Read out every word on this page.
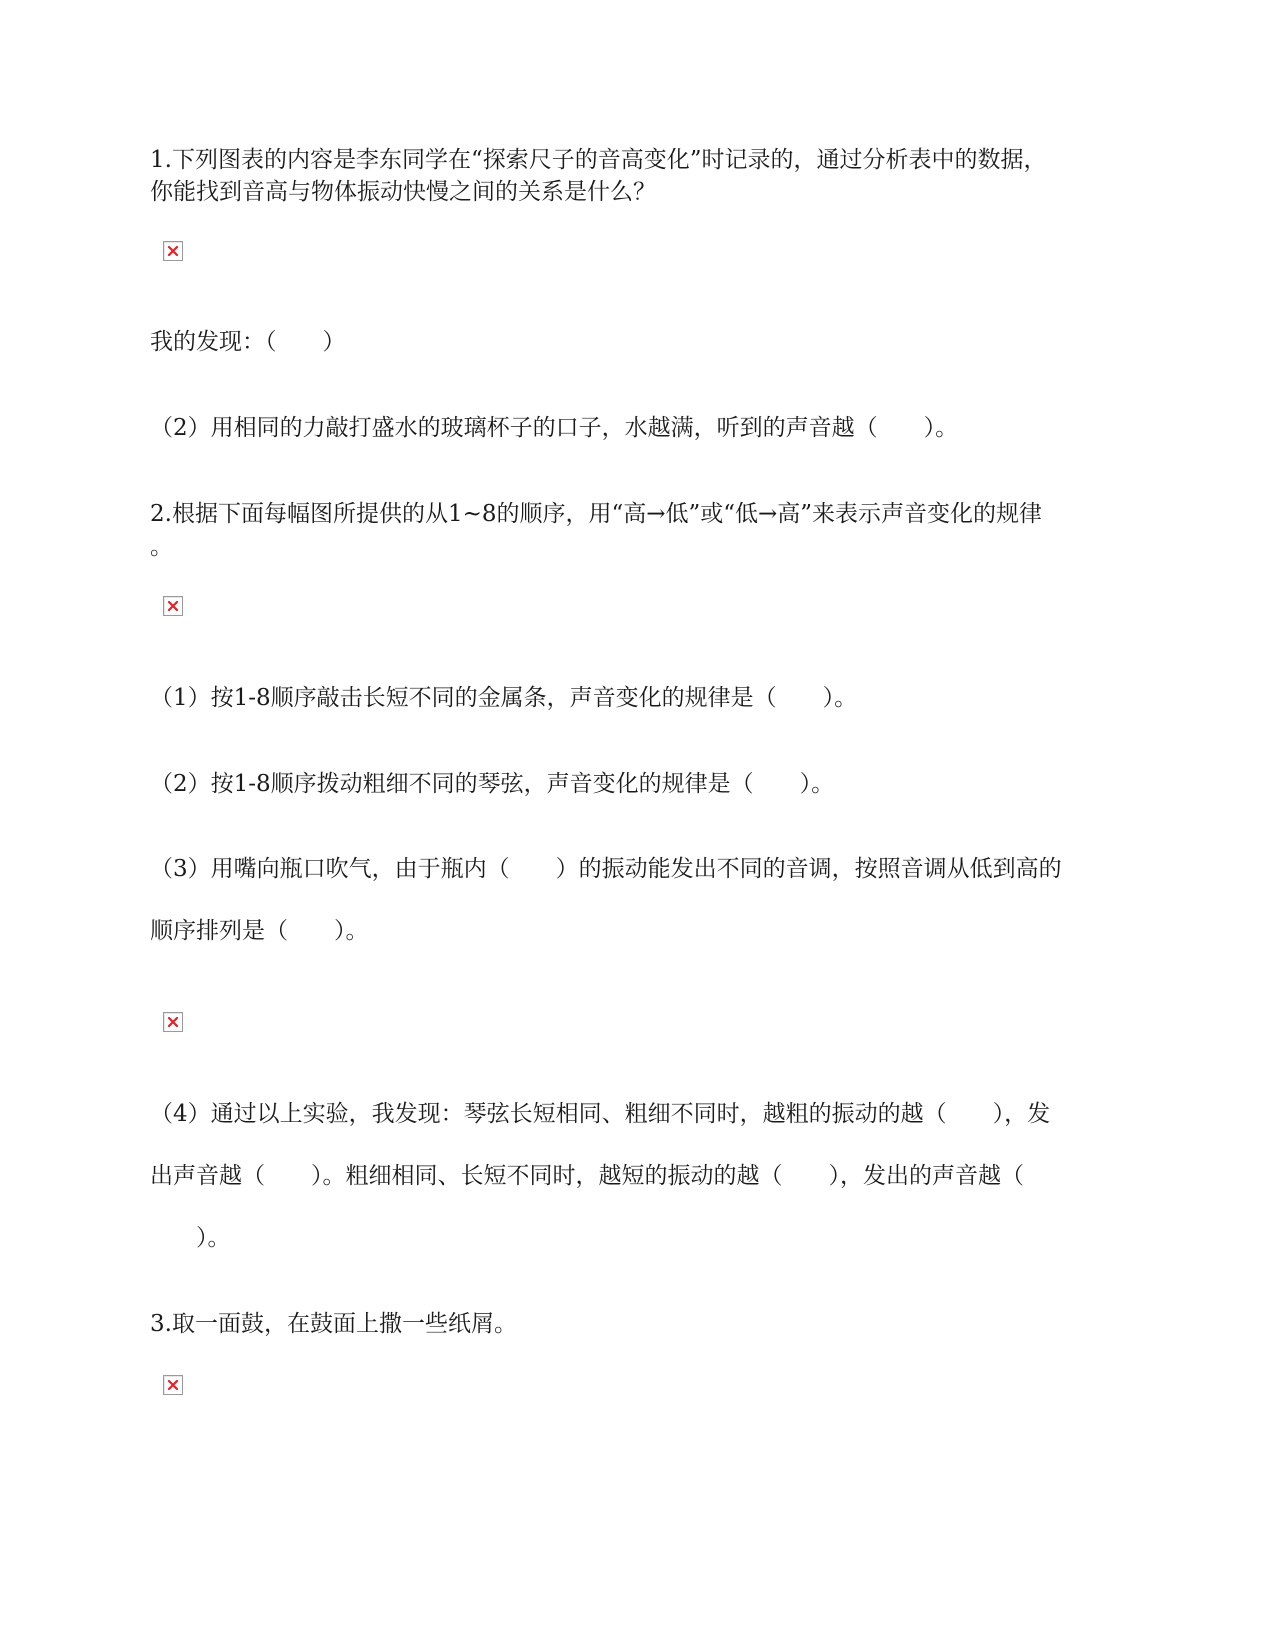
1.下列图表的内容是李东同学在“探索尺子的音高变化”时记录的，通过分析表中的数据，
你能找到音高与物体振动快慢之间的关系是什么？
我的发现：（　　）
（2）用相同的力敲打盛水的玻璃杯子的口子，水越满，听到的声音越（　　）。
2.根据下面每幅图所提供的从1~8的顺序，用“高→低”或“低→高”来表示声音变化的规律
。
（1）按1-8顺序敲击长短不同的金属条，声音变化的规律是（　　）。
（2）按1-8顺序拨动粗细不同的琴弦，声音变化的规律是（　　）。
（3）用嘴向瓶口吹气，由于瓶内（　　）的振动能发出不同的音调，按照音调从低到高的
顺序排列是（　　）。
（4）通过以上实验，我发现：琴弦长短相同、粗细不同时，越粗的振动的越（　　），发
出声音越（　　）。粗细相同、长短不同时，越短的振动的越（　　），发出的声音越（
　　）。
3.取一面鼓，在鼓面上撒一些纸屑。
